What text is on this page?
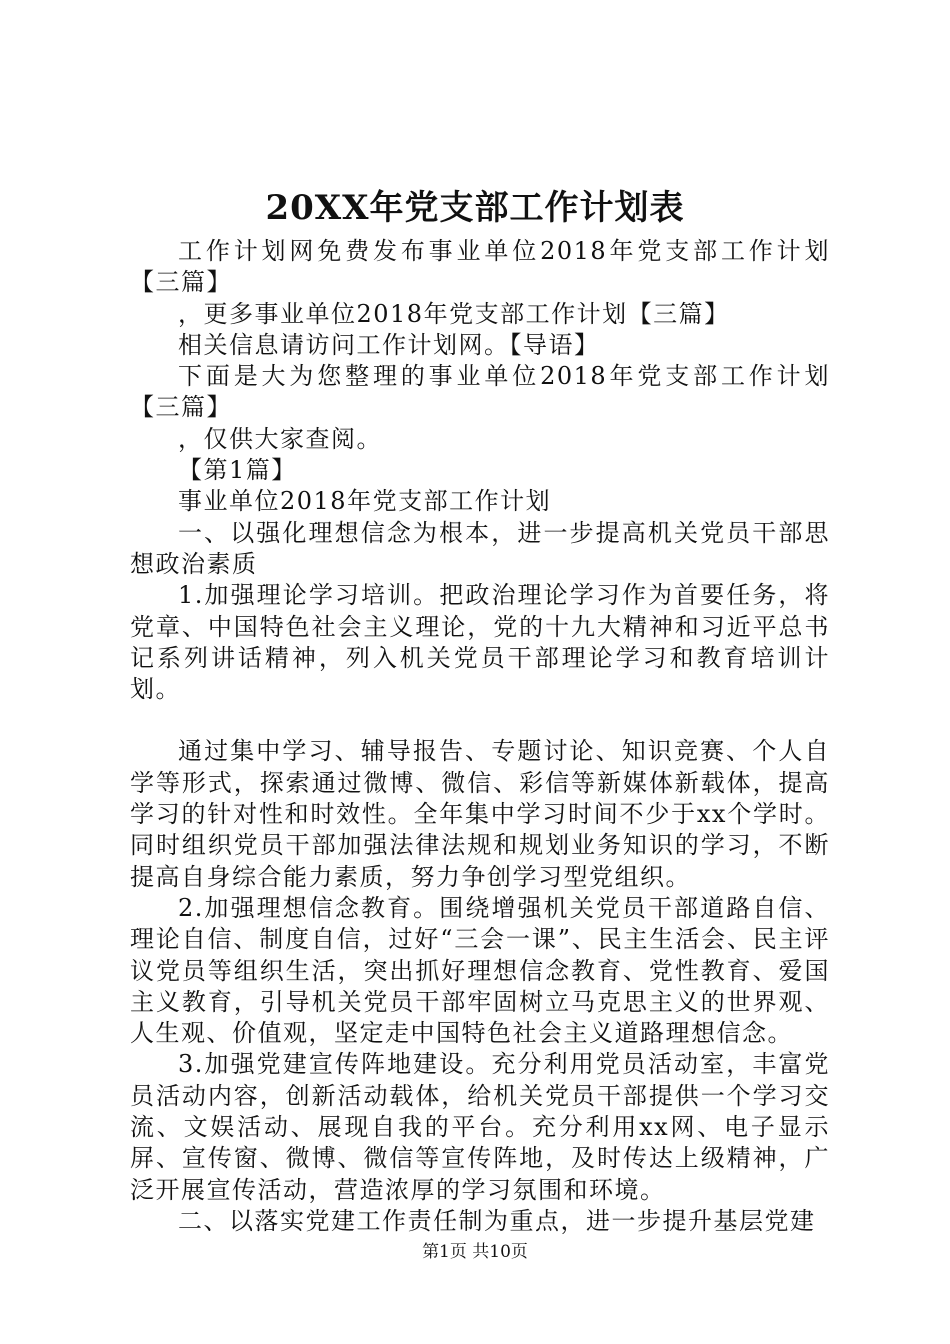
20XX年党支部工作计划表

工作计划网免费发布事业单位2018年党支部工作计划【三篇】

，更多事业单位2018年党支部工作计划【三篇】

相关信息请访问工作计划网。【导语】

下面是大为您整理的事业单位2018年党支部工作计划【三篇】

，仅供大家查阅。

【第1篇】

事业单位2018年党支部工作计划

一、以强化理想信念为根本，进一步提高机关党员干部思想政治素质

1.加强理论学习培训。把政治理论学习作为首要任务，将党章、中国特色社会主义理论，党的十九大精神和习近平总书记系列讲话精神，列入机关党员干部理论学习和教育培训计划。

通过集中学习、辅导报告、专题讨论、知识竞赛、个人自学等形式，探索通过微博、微信、彩信等新媒体新载体，提高学习的针对性和时效性。全年集中学习时间不少于xx个学时。同时组织党员干部加强法律法规和规划业务知识的学习，不断提高自身综合能力素质，努力争创学习型党组织。

2.加强理想信念教育。围绕增强机关党员干部道路自信、理论自信、制度自信，过好“三会一课”、民主生活会、民主评议党员等组织生活，突出抓好理想信念教育、党性教育、爱国主义教育，引导机关党员干部牢固树立马克思主义的世界观、人生观、价值观，坚定走中国特色社会主义道路理想信念。

3.加强党建宣传阵地建设。充分利用党员活动室，丰富党员活动内容，创新活动载体，给机关党员干部提供一个学习交流、文娱活动、展现自我的平台。充分利用xx网、电子显示屏、宣传窗、微博、微信等宣传阵地，及时传达上级精神，广泛开展宣传活动，营造浓厚的学习氛围和环境。

二、以落实党建工作责任制为重点，进一步提升基层党建

第1页 共10页
